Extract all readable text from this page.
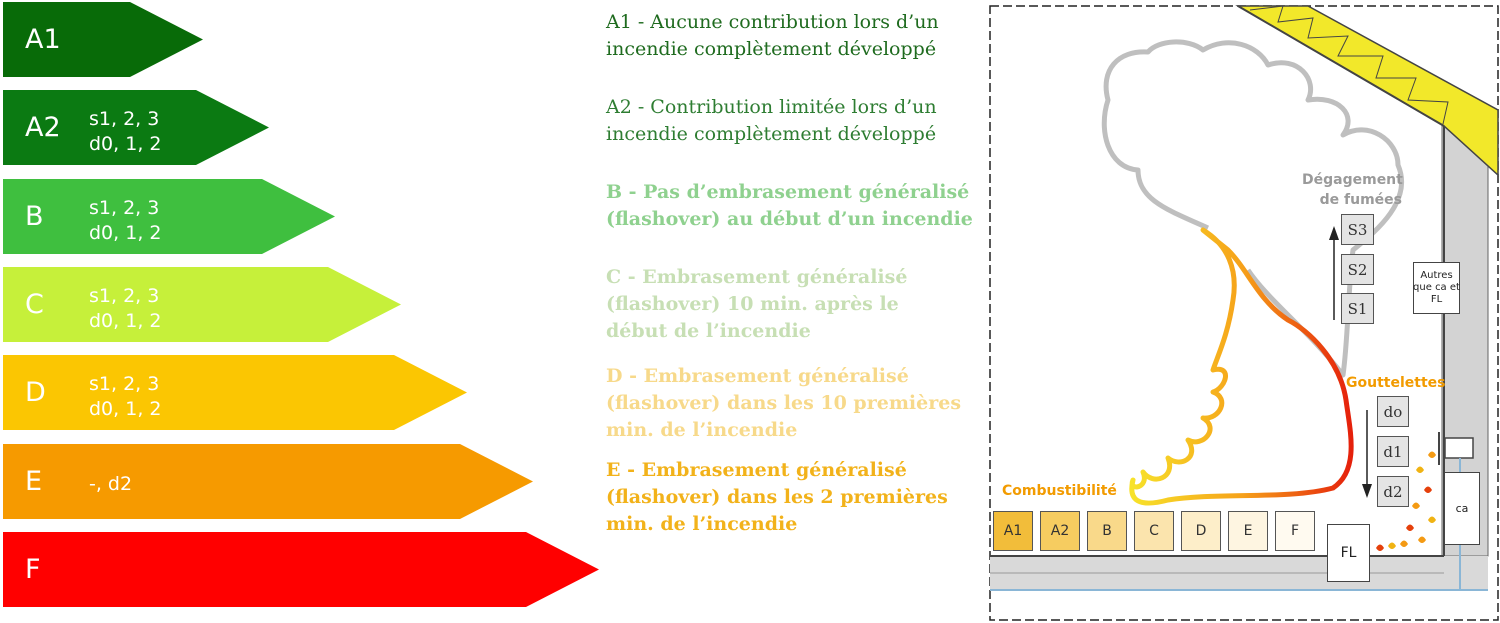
A1
A2 s1, 2, 3
d0, 1, 2
B s1, 2, 3
d0, 1, 2
C s1, 2, 3
d0, 1, 2
D s1, 2, 3
d0, 1, 2
E -, d2
F
A1 - Aucune contribution lors d’un
incendie complètement développé
A2 - Contribution limitée lors d’un
incendie complètement développé
B - Pas d’embrasement généralisé
(flashover) au début d’un incendie
C - Embrasement généralisé
(flashover) 10 min. après le
début de l’incendie
D - Embrasement généralisé
(flashover) dans les 10 premières
min. de l’incendie
E - Embrasement généralisé
(flashover) dans les 2 premières
min. de l’incendie
Dégagement
de fumées
S3
S2
S1
Autres
que ca et
FL
Gouttelettes
do
d1
d2
Combustibilité
A1	A2	B	C	D	E	F
FL
ca
